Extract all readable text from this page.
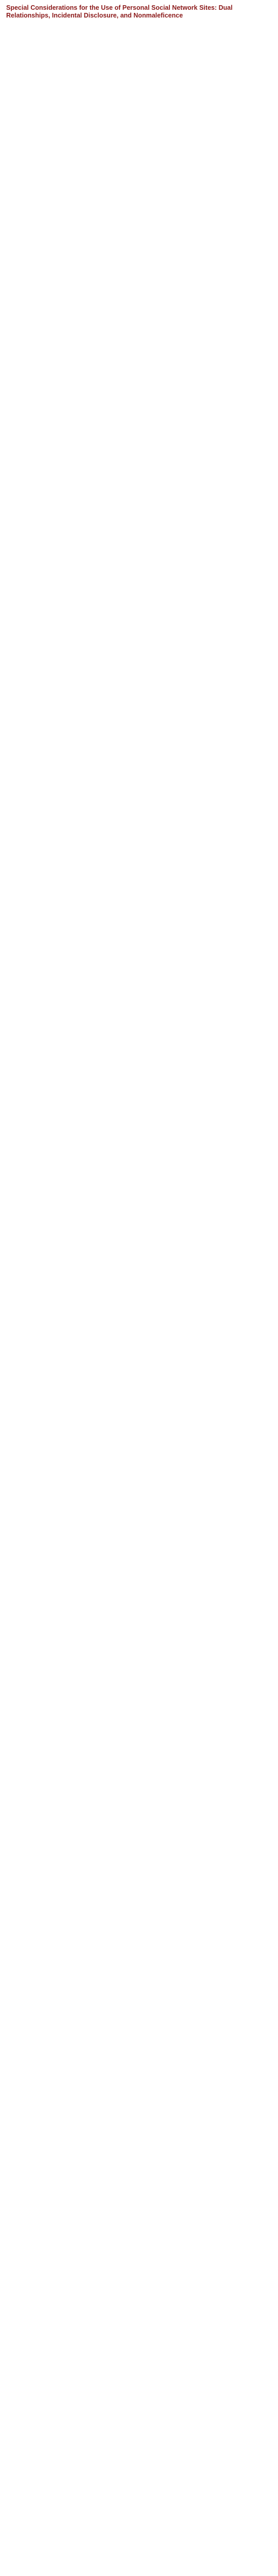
Special Considerations for the Use of Personal Social Network Sites: Dual Relationships, Incidental Disclosure, and Nonmaleficence
